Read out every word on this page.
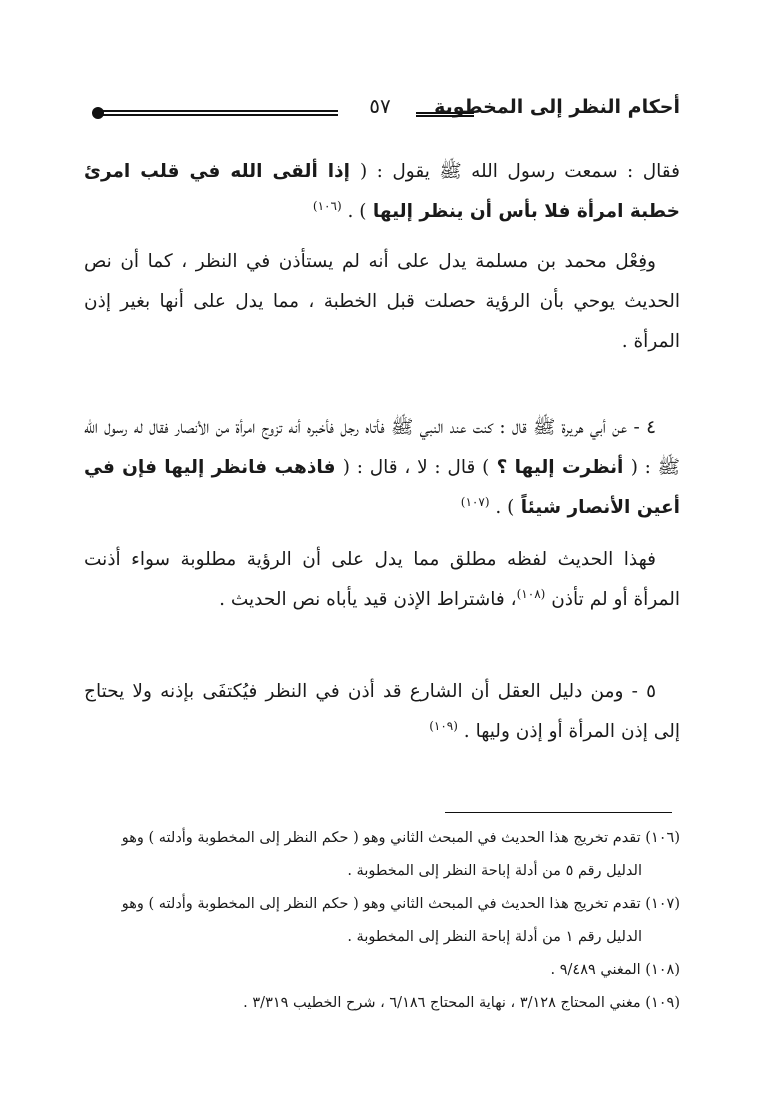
أحكام النظر إلى المخطوبة
٥٧
فقال : سمعت رسول الله ﷺ يقول : ( إذا ألقى الله في قلب امرئ خطبة امرأة فلا بأس أن ينظر إليها ) . $^{(١٠٦)}$
وفِعْل محمد بن مسلمة يدل على أنه لم يستأذن في النظر ، كما أن نص الحديث يوحي بأن الرؤية حصلت قبل الخطبة ، مما يدل على أنها بغير إذن المرأة .
٤ - عن أبي هريرة ﷺ قال : كنت عند النبي ﷺ فأتاه رجل فأخبره أنه تزوج امرأة من الأنصار فقال له رسول الله ﷺ : ( أنظرت إليها ؟ ) قال : لا ، قال : ( فاذهب فانظر إليها فإن في أعين الأنصار شيئاً ) . $^{(١٠٧)}$
فهذا الحديث لفظه مطلق مما يدل على أن الرؤية مطلوبة سواء أذنت المرأة أو لم تأذن $^{(١٠٨)}$، فاشتراط الإذن قيد يأباه نص الحديث .
٥ - ومن دليل العقل أن الشارع قد أذن في النظر فيُكتفَى بإذنه ولا يحتاج إلى إذن المرأة أو إذن وليها . $^{(١٠٩)}$
(١٠٦) تقدم تخريج هذا الحديث في المبحث الثاني وهو ( حكم النظر إلى المخطوبة وأدلته ) وهو
الدليل رقم ٥ من أدلة إباحة النظر إلى المخطوبة .
(١٠٧) تقدم تخريج هذا الحديث في المبحث الثاني وهو ( حكم النظر إلى المخطوبة وأدلته ) وهو
الدليل رقم ١ من أدلة إباحة النظر إلى المخطوبة .
(١٠٨) المغني ٩/٤٨٩ .
(١٠٩) مغني المحتاج ٣/١٢٨ ، نهاية المحتاج ٦/١٨٦ ، شرح الخطيب ٣/٣١٩ .
